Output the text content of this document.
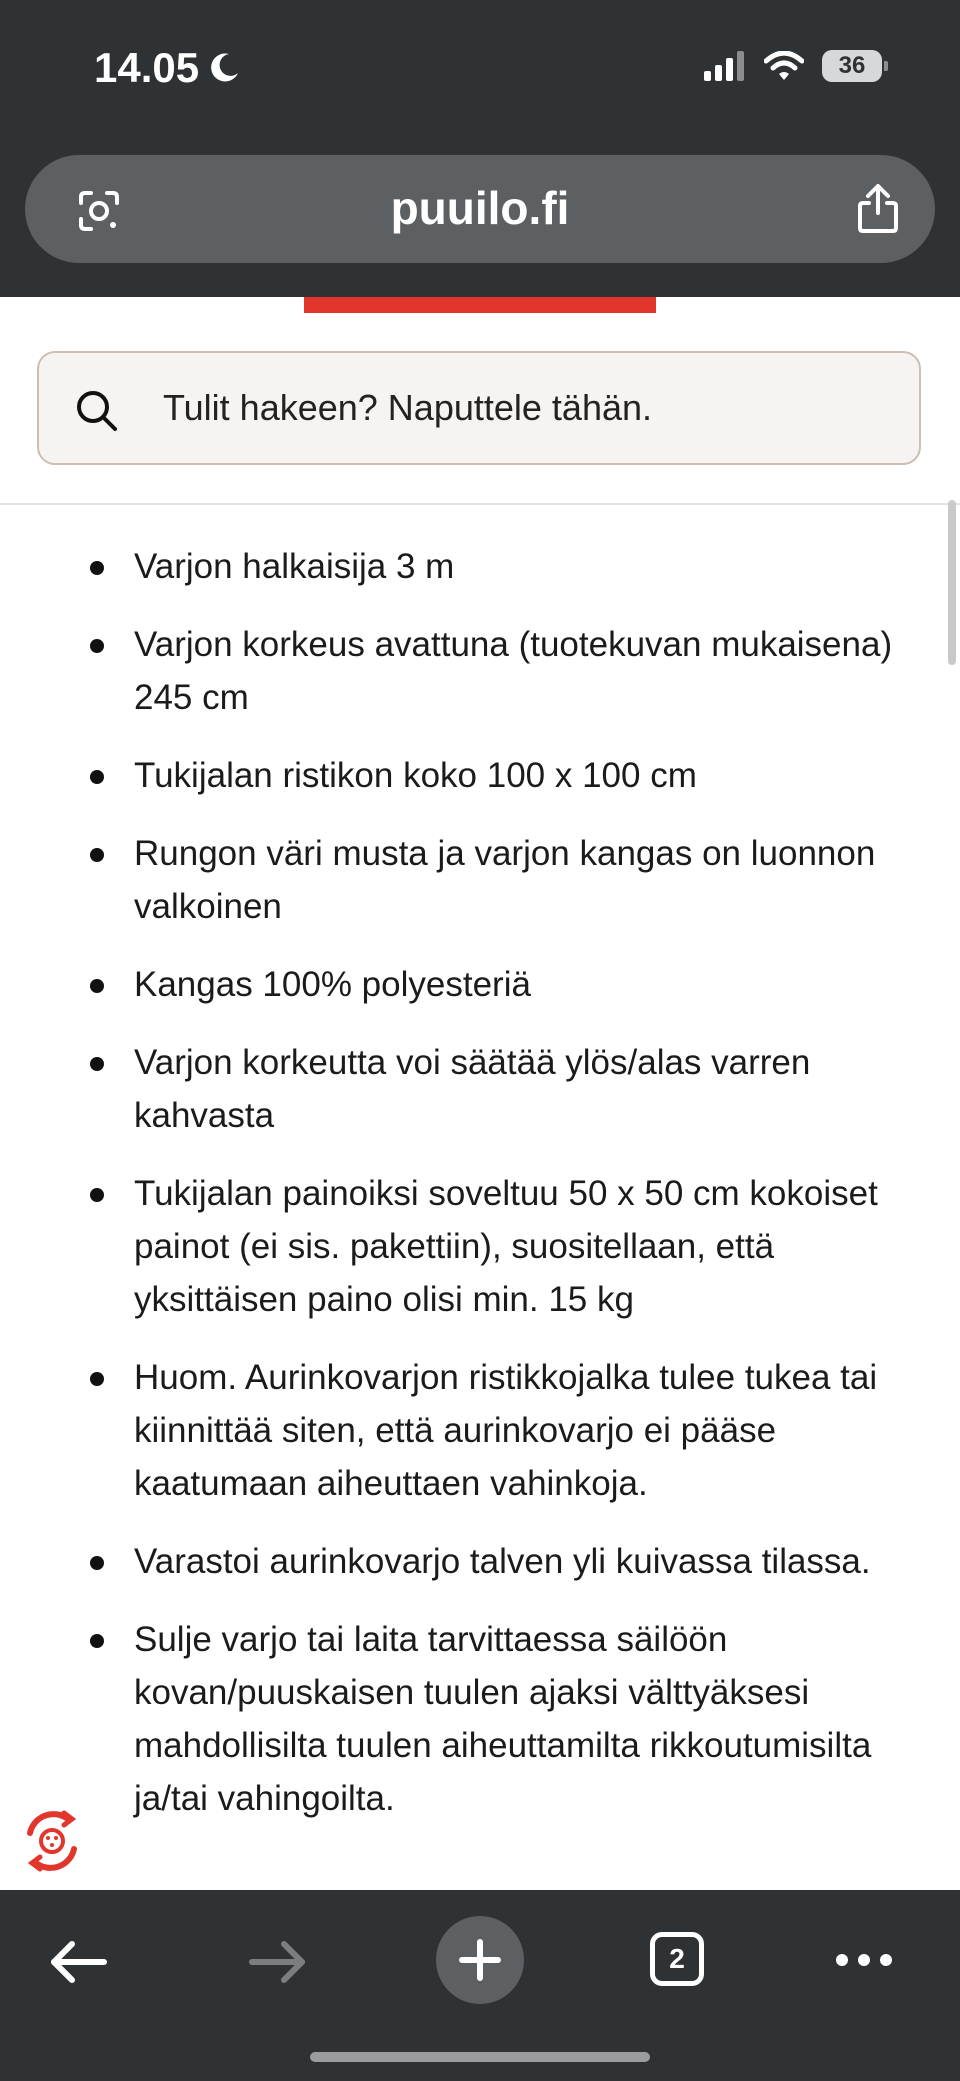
14.05	36
puuilo.fi
Tulit hakeen? Naputtele tähän.
Varjon halkaisija 3 m
Varjon korkeus avattuna (tuotekuvan mukaisena) 245 cm
Tukijalan ristikon koko 100 x 100 cm
Rungon väri musta ja varjon kangas on luonnon valkoinen
Kangas 100% polyesteriä
Varjon korkeutta voi säätää ylös/alas varren kahvasta
Tukijalan painoiksi soveltuu 50 x 50 cm kokoiset painot (ei sis. pakettiin), suositellaan, että yksittäisen paino olisi min. 15 kg
Huom. Aurinkovarjon ristikkojalka tulee tukea tai kiinnittää siten, että aurinkovarjo ei pääse kaatumaan aiheuttaen vahinkoja.
Varastoi aurinkovarjo talven yli kuivassa tilassa.
Sulje varjo tai laita tarvittaessa säilöön kovan/puuskaisen tuulen ajaksi välttyäksesi mahdollisilta tuulen aiheuttamilta rikkoutumisilta ja/tai vahingoilta.
2
